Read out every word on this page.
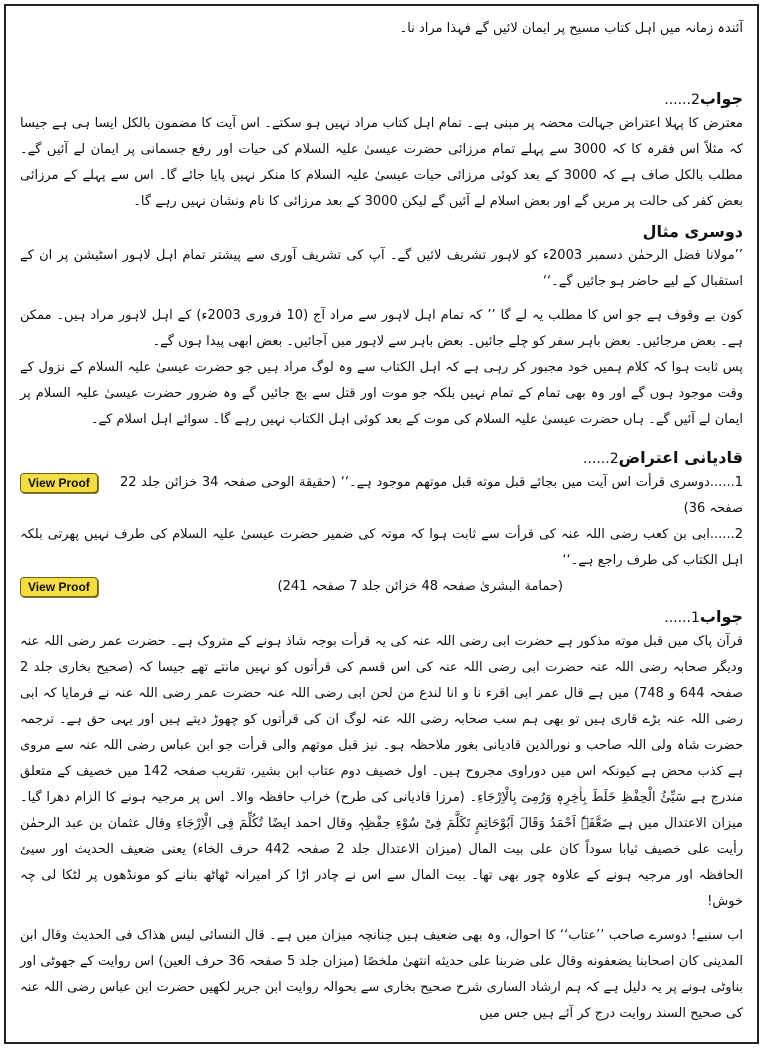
آئندہ زمانہ میں اہل کتاب مسیح پر ایمان لائیں گے فہذا مراد نا۔

جواب2......

معترض کا پہلا اعتراض جہالت محضہ پر مبنی ہے۔ تمام اہل کتاب مراد نہیں ہو سکتے۔ اس آیت کا مضمون بالکل ایسا ہی ہے جیسا کہ مثلاً اس فقرہ کا کہ 3000 سے پہلے تمام مرزائی حضرت عیسیٰ علیہ السلام کی حیات اور رفع جسمانی پر ایمان لے آئیں گے۔ مطلب بالکل صاف ہے کہ 3000 کے بعد کوئی مرزائی حیات عیسیٰ علیہ السلام کا منکر نہیں پایا جائے گا۔ اس سے پہلے کے مرزائی بعض کفر کی حالت پر مریں گے اور بعض اسلام لے آئیں گے لیکن 3000 کے بعد مرزائی کا نام ونشان نہیں رہے گا۔

دوسری مثال

’’مولانا فضل الرحمٰن دسمبر 2003ء کو لاہور تشریف لائیں گے۔ آپ کی تشریف آوری سے پیشتر تمام اہل لاہور اسٹیشن پر ان کے استقبال کے لیے حاضر ہو جائیں گے۔‘‘

کون بے وقوف ہے جو اس کا مطلب یہ لے گا ’’ کہ تمام اہل لاہور سے مراد آج (10 فروری 2003ء) کے اہل لاہور مراد ہیں۔ ممکن ہے۔ بعض مرجائیں۔ بعض باہر سفر کو چلے جائیں۔ بعض باہر سے لاہور میں آجائیں۔ بعض ابھی پیدا ہوں گے۔

پس ثابت ہوا کہ کلام ہمیں خود مجبور کر رہی ہے کہ اہل الکتاب سے وہ لوگ مراد ہیں جو حضرت عیسیٰ علیہ السلام کے نزول کے وقت موجود ہوں گے اور وہ بھی تمام کے تمام نہیں بلکہ جو موت اور قتل سے بچ جائیں گے وہ ضرور حضرت عیسیٰ علیہ السلام پر ایمان لے آئیں گے۔ ہاں حضرت عیسیٰ علیہ السلام کی موت کے بعد کوئی اہل الکتاب نہیں رہے گا۔ سوائے اہل اسلام کے۔

قادیانی اعتراض2......

1......دوسری قرأت اس آیت میں بجائے قبل موته قبل موتهم موجود ہے۔‘‘ (حقیقة الوحی صفحہ 34 خزائن جلد 22 صفحہ 36)

View Proof

2......ابی بن کعب رضی اللہ عنہ کی قرأت سے ثابت ہوا کہ موتہ کی ضمیر حضرت عیسیٰ علیہ السلام کی طرف نہیں پھرتی بلکہ اہل الکتاب کی طرف راجع ہے۔‘‘

(حمامة البشریٰ صفحہ 48 خزائن جلد 7 صفحہ 241)

View Proof
جواب1......

قرآن پاک میں قبل موته مذکور ہے حضرت ابی رضی اللہ عنہ کی یہ قرأت بوجہ شاذ ہونے کے متروک ہے۔ حضرت عمر رضی اللہ عنہ ودیگر صحابہ رضی اللہ عنہ حضرت ابی رضی اللہ عنہ کی اس قسم کی قرأتوں کو نہیں مانتے تھے جیسا کہ (صحیح بخاری جلد 2 صفحہ 644 و 748) میں ہے قال عمر ابی اقرء نا و انا لندع من لحن ابی رضی اللہ عنہ حضرت عمر رضی اللہ عنہ نے فرمایا کہ ابی رضی اللہ عنہ بڑے قاری ہیں تو بھی ہم سب صحابہ رضی اللہ عنہ لوگ ان کی قرأتوں کو چھوڑ دیتے ہیں اور یہی حق ہے۔ ترجمہ حضرت شاہ ولی اللہ صاحب و نورالدین قادیانی بغور ملاحظہ ہو۔ نیز قبل موتهم والی قرأت جو ابن عباس رضی اللہ عنہ سے مروی ہے کذب محض ہے کیونکہ اس میں دوراوی مجروح ہیں۔ اول خصیف دوم عتاب ابن بشیر، تقریب صفحہ 142 میں خصیف کے متعلق مندرج ہے سَیِّئُ الْحِفْظِ خَلَطَ بِاٰخِرِہٖ وَرُمِیَ بِالْاِرْجَاءِ۔ (مرزا قادیانی کی طرح) خراب حافظہ والا۔ اس پر مرجیہ ہونے کا الزام دھرا گیا۔ میزان الاعتدال میں ہے ضَعَّفَہٗ اَحْمَدُ وَقَالَ اَبُوْحَاتِمٍ تَکَلَّمَ فِیْ سُوْءِ حِفْظِہٖ وقال احمد ایضًا تُکُلِّمَ فِی الْاِرْجَاءِ وقال عثمان بن عبد الرحمٰن رأیت علی خصیف ثیابا سوداً کان علی بیت المال (میزان الاعتدال جلد 2 صفحہ 442 حرف الخاء) یعنی ضعیف الحدیث اور سیئ الحافظہ اور مرجیہ ہونے کے علاوہ چور بھی تھا۔ بیت المال سے اس نے چادر اڑا کر امیرانہ ٹھاٹھ بنانے کو مونڈھوں پر لٹکا لی چہ خوش!

اب سنیے! دوسرے صاحب ’’عتاب‘‘ کا احوال، وہ بھی ضعیف ہیں چنانچہ میزان میں ہے۔ قال النسائی لیس هذاک فی الحدیث وقال ابن المدینی کان اصحابنا یضعفونه وقال علی ضربنا علی حدیثه انتهیٰ ملخصًا (میزان جلد 5 صفحہ 36 حرف العین) اس روایت کے جھوٹی اور بناوٹی ہونے پر یہ دلیل ہے کہ ہم ارشاد الساری شرح صحیح بخاری سے بحوالہ روایت ابن جریر لکھیں حضرت ابن عباس رضی اللہ عنہ کی صحیح السند روایت درج کر آئے ہیں جس میں
